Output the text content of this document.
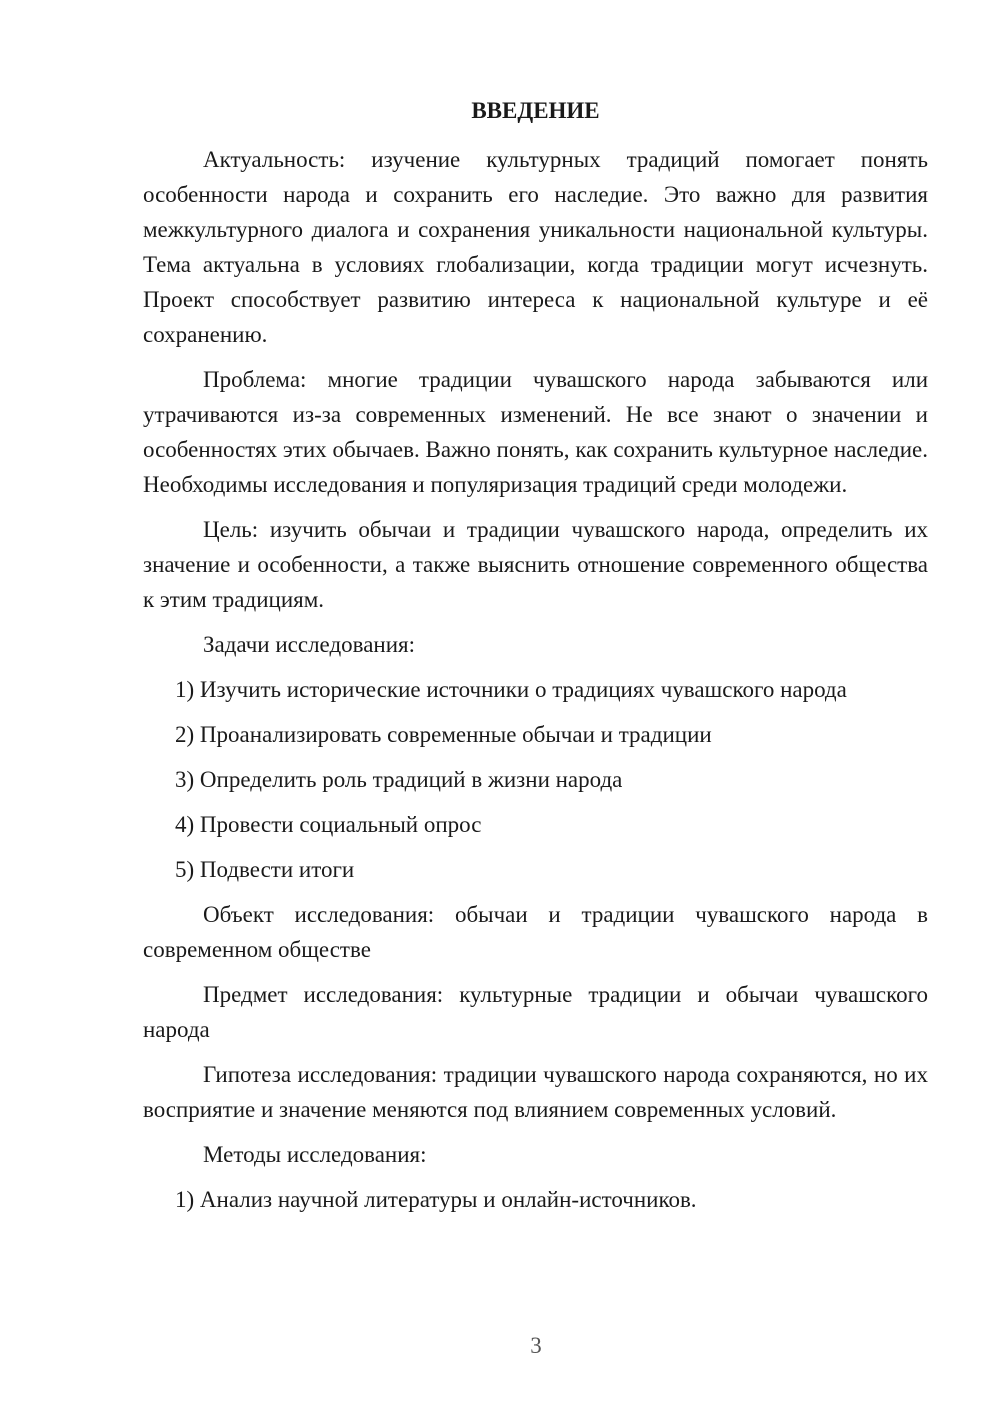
ВВЕДЕНИЕ

Актуальность: изучение культурных традиций помогает понять особенности народа и сохранить его наследие. Это важно для развития межкультурного диалога и сохранения уникальности национальной культуры. Тема актуальна в условиях глобализации, когда традиции могут исчезнуть. Проект способствует развитию интереса к национальной культуре и её сохранению.

Проблема: многие традиции чувашского народа забываются или утрачиваются из-за современных изменений. Не все знают о значении и особенностях этих обычаев. Важно понять, как сохранить культурное наследие. Необходимы исследования и популяризация традиций среди молодежи.

Цель: изучить обычаи и традиции чувашского народа, определить их значение и особенности, а также выяснить отношение современного общества к этим традициям.

Задачи исследования:

1) Изучить исторические источники о традициях чувашского народа

2) Проанализировать современные обычаи и традиции

3) Определить роль традиций в жизни народа

4) Провести социальный опрос

5) Подвести итоги

Объект исследования: обычаи и традиции чувашского народа в современном обществе

Предмет исследования: культурные традиции и обычаи чувашского народа

Гипотеза исследования: традиции чувашского народа сохраняются, но их восприятие и значение меняются под влиянием современных условий.

Методы исследования:

1) Анализ научной литературы и онлайн-источников.

3
